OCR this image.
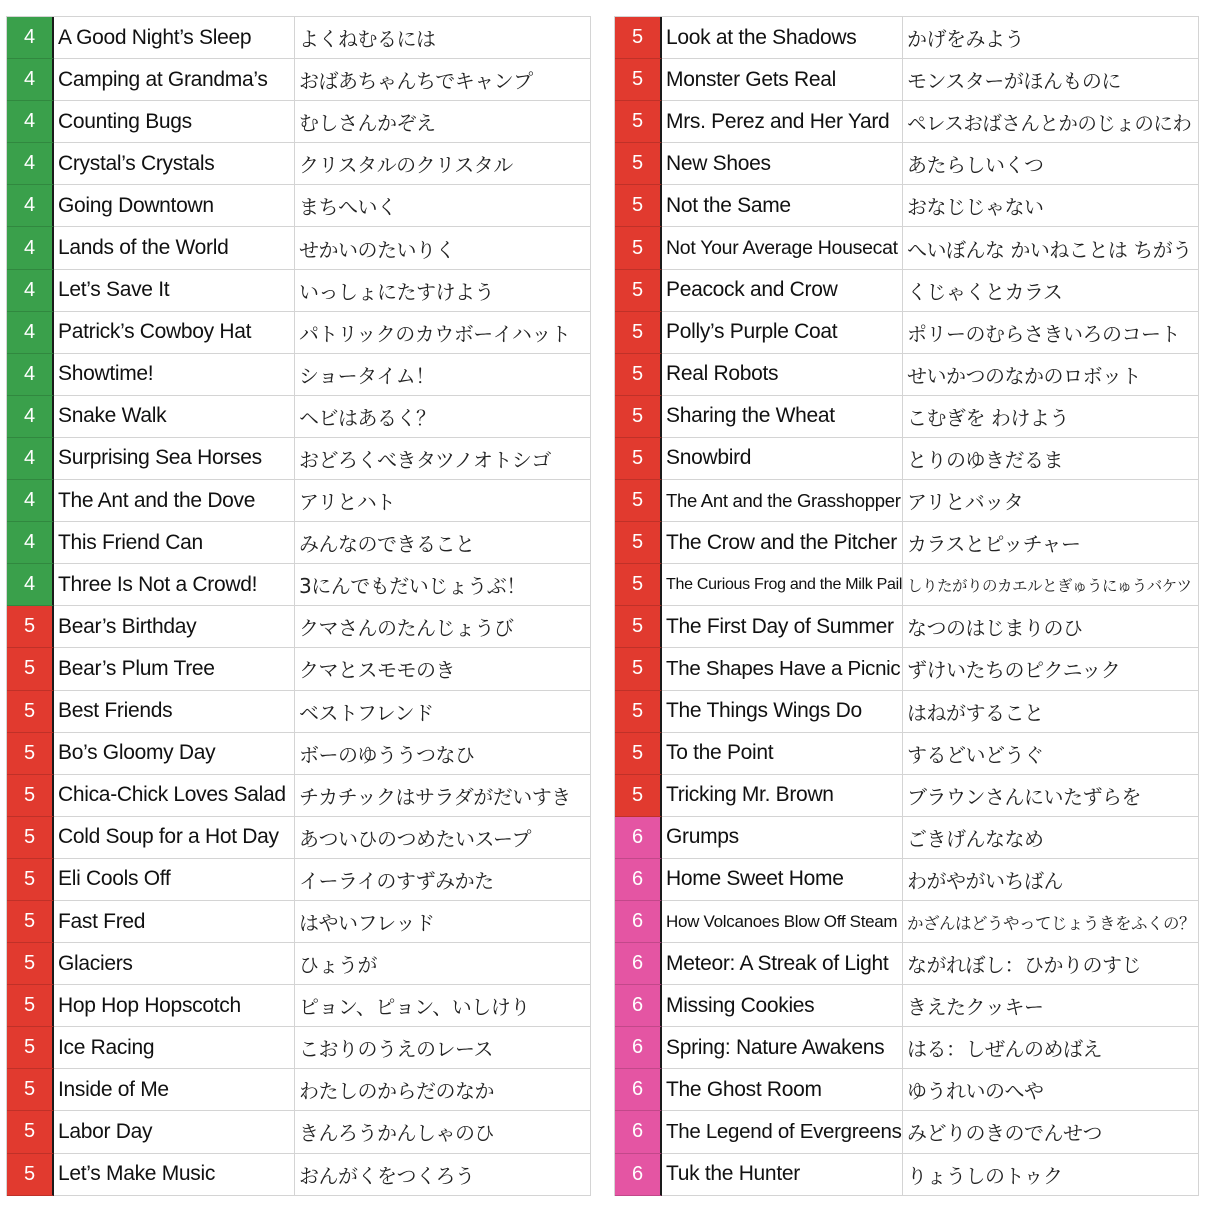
4	A Good Night’s Sleep	よくねむるには
4	Camping at Grandma’s	おばあちゃんちでキャンプ
4	Counting Bugs	むしさんかぞえ
4	Crystal’s Crystals	クリスタルのクリスタル
4	Going Downtown	まちへいく
4	Lands of the World	せかいのたいりく
4	Let’s Save It	いっしょにたすけよう
4	Patrick’s Cowboy Hat	パトリックのカウボーイハット
4	Showtime!	ショータイム！
4	Snake Walk	ヘビはあるく？
4	Surprising Sea Horses	おどろくべきタツノオトシゴ
4	The Ant and the Dove	アリとハト
4	This Friend Can	みんなのできること
4	Three Is Not a Crowd!	3にんでもだいじょうぶ！
5	Bear’s Birthday	クマさんのたんじょうび
5	Bear’s Plum Tree	クマとスモモのき
5	Best Friends	ベストフレンド
5	Bo’s Gloomy Day	ボーのゆううつなひ
5	Chica-Chick Loves Salad チカチックはサラダがだいすき
5	Cold Soup for a Hot Day	あついひのつめたいスープ
5	Eli Cools Off	イーライのすずみかた
5	Fast Fred	はやいフレッド
5	Glaciers	ひょうが
5	Hop Hop Hopscotch	ピョン、ピョン、いしけり
5	Ice Racing	こおりのうえのレース
5	Inside of Me	わたしのからだのなか
5	Labor Day	きんろうかんしゃのひ
5	Let’s Make Music	おんがくをつくろう
5	Look at the Shadows	かげをみよう
5	Monster Gets Real	モンスターがほんものに
5	Mrs. Perez and Her Yard ペレスおばさんとかのじょのにわ
5	New Shoes	あたらしいくつ
5	Not the Same	おなじじゃない
5	Not Your Average Housecat へいぼんな かいねことは ちがう
5	Peacock and Crow	くじゃくとカラス
5	Polly’s Purple Coat	ポリーのむらさきいろのコート
5	Real Robots	せいかつのなかのロボット
5	Sharing the Wheat	こむぎを わけよう
5	Snowbird	とりのゆきだるま
5	The Ant and the Grasshopper アリとバッタ
5	The Crow and the Pitcher カラスとピッチャー
5	The Curious Frog and the Milk Pail しりたがりのカエルとぎゅうにゅうバケツ
5	The First Day of Summer なつのはじまりのひ
5	The Shapes Have a Picnic ずけいたちのピクニック
5	The Things Wings Do	はねがすること
5	To the Point	するどいどうぐ
5	Tricking Mr. Brown	ブラウンさんにいたずらを
6	Grumps	ごきげんななめ
6	Home Sweet Home	わがやがいちばん
6	How Volcanoes Blow Off Steam かざんはどうやってじょうきをふくの？
6	Meteor: A Streak of Light ながれぼし：ひかりのすじ
6	Missing Cookies	きえたクッキー
6	Spring: Nature Awakens	はる：しぜんのめばえ
6	The Ghost Room	ゆうれいのへや
6	The Legend of Evergreens みどりのきのでんせつ
6	Tuk the Hunter	りょうしのトゥク
